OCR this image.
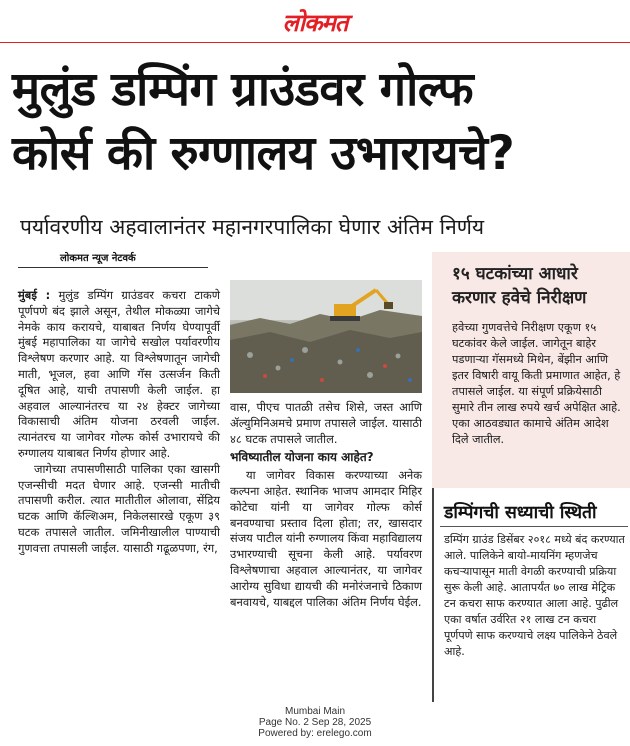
लोकमत
मुलुंड डम्पिंग ग्राउंडवर गोल्फ
कोर्स की रुग्णालय उभारायचे?
पर्यावरणीय अहवालानंतर महानगरपालिका घेणार अंतिम निर्णय
लोकमत न्यूज नेटवर्क

मुंबई : मुलुंड डम्पिंग ग्राउंडवर कचरा टाकणे पूर्णपणे बंद झाले असून, तेथील मोकळ्या जागेचे नेमके काय करायचे, याबाबत निर्णय घेण्यापूर्वी मुंबई महापालिका या जागेचे सखोल पर्यावरणीय विश्लेषण करणार आहे. या विश्लेषणातून जागेची माती, भूजल, हवा आणि गॅस उत्सर्जन किती दूषित आहे, याची तपासणी केली जाईल. हा अहवाल आल्यानंतरच या २४ हेक्टर जागेच्या विकासाची अंतिम योजना ठरवली जाईल. त्यानंतरच या जागेवर गोल्फ कोर्स उभारायचे की रुग्णालय याबाबत निर्णय होणार आहे.

जागेच्या तपासणीसाठी पालिका एका खासगी एजन्सीची मदत घेणार आहे. एजन्सी मातीची तपासणी करील. त्यात मातीतील ओलावा, सेंद्रिय घटक आणि कॅल्शिअम, निकेलसारखे एकूण ३९ घटक तपासले जातील. जमिनीखालील पाण्याची गुणवत्ता तपासली जाईल. यासाठी गढूळपणा, रंग,

वास, पीएच पातळी तसेच शिसे, जस्त आणि ॲल्युमिनिअमचे प्रमाण तपासले जाईल. यासाठी ४८ घटक तपासले जातील.

भविष्यातील योजना काय आहेत?

या जागेवर विकास करण्याच्या अनेक कल्पना आहेत. स्थानिक भाजप आमदार मिहिर कोटेचा यांनी या जागेवर गोल्फ कोर्स बनवण्याचा प्रस्ताव दिला होता; तर, खासदार संजय पाटील यांनी रुग्णालय किंवा महाविद्यालय उभारण्याची सूचना केली आहे. पर्यावरण विश्लेषणाचा अहवाल आल्यानंतर, या जागेवर आरोग्य सुविधा द्यायची की मनोरंजनाचे ठिकाण बनवायचे, याबद्दल पालिका अंतिम निर्णय घेईल.

१५ घटकांच्या आधारे करणार हवेचे निरीक्षण
हवेच्या गुणवत्तेचे निरीक्षण एकूण १५ घटकांवर केले जाईल. जागेतून बाहेर पडणाऱ्या गॅसमध्ये मिथेन, बेंझीन आणि इतर विषारी वायू किती प्रमाणात आहेत, हे तपासले जाईल. या संपूर्ण प्रक्रियेसाठी सुमारे तीन लाख रुपये खर्च अपेक्षित आहे. एका आठवड्यात कामाचे अंतिम आदेश दिले जातील.
डम्पिंगची सध्याची स्थिती
डम्पिंग ग्राउंड डिसेंबर २०१८ मध्ये बंद करण्यात आले. पालिकेने बायो-मायनिंग म्हणजेच कचऱ्यापासून माती वेगळी करण्याची प्रक्रिया सुरू केली आहे. आतापर्यंत ७० लाख मेट्रिक टन कचरा साफ करण्यात आला आहे. पुढील एका वर्षात उर्वरित २१ लाख टन कचरा पूर्णपणे साफ करण्याचे लक्ष्य पालिकेने ठेवले आहे.
Mumbai Main
Page No. 2 Sep 28, 2025
Powered by: erelego.com
